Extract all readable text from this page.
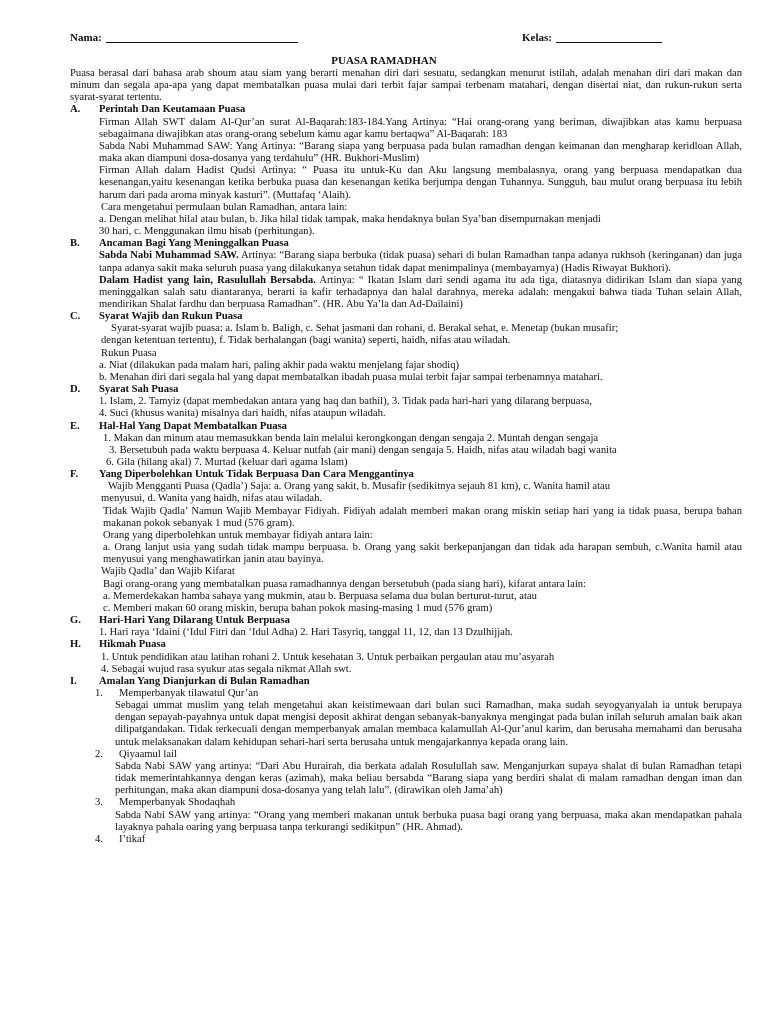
Nama:	Kelas:
PUASA RAMADHAN

Puasa berasal dari bahasa arab shoum atau siam yang berarti menahan diri dari sesuatu, sedangkan menurut istilah, adalah menahan diri dari makan dan minum dan segala apa-apa yang dapat membatalkan puasa mulai dari terbit fajar sampai terbenam matahari, dengan disertai niat, dan rukun-rukun serta syarat-syarat tertentu.

A. Perintah Dan Keutamaan Puasa

Firman Allah SWT dalam Al-Qur’an surat Al-Baqarah:183-184.Yang Artinya: “Hai orang-orang yang beriman, diwajibkan atas kamu berpuasa sebagaimana diwajibkan atas orang-orang sebelum kamu agar kamu bertaqwa” Al-Baqarah: 183

Sabda Nabi Muhammad SAW: Yang Artinya: “Barang siapa yang berpuasa pada bulan ramadhan dengan keimanan dan mengharap keridloan Allah, maka akan diampuni dosa-dosanya yang terdahulu” (HR. Bukhori-Muslim)

Firman Allah dalam Hadist Qudsi Artinya: “ Puasa itu untuk-Ku dan Aku langsung membalasnya, orang yang berpuasa mendapatkan dua kesenangan,yaitu kesenangan ketika berbuka puasa dan kesenangan ketika berjumpa dengan Tuhannya. Sungguh, bau mulut orang berpuasa itu lebih harum dari pada aroma minyak kasturi”. (Muttafaq ‘Alaih).

Cara mengetahui permulaan bulan Ramadhan, antara lain:

a. Dengan melihat hilal atau bulan, b. Jika hilal tidak tampak, maka hendaknya bulan Sya’ban disempurnakan menjadi

30 hari, c. Menggunakan ilmu hisab (perhitungan).

B. Ancaman Bagi Yang Meninggalkan Puasa

Sabda Nabi Muhammad SAW. Artinya: “Barang siapa berbuka (tidak puasa) sehari di bulan Ramadhan tanpa adanya rukhsoh (keringanan) dan juga tanpa adanya sakit maka seluruh puasa yang dilakukanya setahun tidak dapat menimpalinya (membayarnya) (Hadis Riwayat Bukhori).

Dalam Hadist yang lain, Rasulullah Bersabda. Artinya: “ Ikatan Islam dari sendi agama itu ada tiga, diatasnya didirikan Islam dan siapa yang meninggalkan salah satu diantaranya, berarti ia kafir terhadapnya dan halal darahnya, mereka adalah: mengakui bahwa tiada Tuhan selain Allah, mendirikan Shalat fardhu dan berpuasa Ramadhan”. (HR. Abu Ya’la dan Ad-Dailaini)

C. Syarat Wajib dan Rukun Puasa

Syarat-syarat wajib puasa: a. Islam b. Baligh, c. Sehat jasmani dan rohani, d. Berakal sehat, e. Menetap (bukan musafir;

dengan ketentuan tertentu), f. Tidak berhalangan (bagi wanita) seperti, haidh, nifas atau wiladah.

Rukun Puasa

a. Niat (dilakukan pada malam hari, paling akhir pada waktu menjelang fajar shodiq)

b. Menahan diri dari segala hal yang dapat membatalkan ibadah puasa mulai terbit fajar sampai terbenamnya matahari.

D. Syarat Sah Puasa

1. Islam, 2. Tamyiz (dapat membedakan antara yang haq dan bathil), 3. Tidak pada hari-hari yang dilarang berpuasa,

4. Suci (khusus wanita) misalnya dari haidh, nifas ataupun wiladah.

E. Hal-Hal Yang Dapat Membatalkan Puasa

1. Makan dan minum atau memasukkan benda lain melalui kerongkongan dengan sengaja 2. Muntah dengan sengaja

3. Bersetubuh pada waktu berpuasa 4. Keluar nutfah (air mani) dengan sengaja 5. Haidh, nifas atau wiladah bagi wanita

6. Gila (hilang akal) 7. Murtad (keluar dari agama Islam)

F. Yang Diperbolehkan Untuk Tidak Berpuasa Dan Cara Menggantinya

Wajib Mengganti Puasa (Qadla’) Saja: a. Orang yang sakit, b. Musafir (sedikitnya sejauh 81 km), c. Wanita hamil atau

menyusui, d. Wanita yang haidh, nifas atau wiladah.

Tidak Wajib Qadla’ Namun Wajib Membayar Fidiyah. Fidiyah adalah memberi makan orang miskin setiap hari yang ia tidak puasa, berupa bahan makanan pokok sebanyak 1 mud (576 gram).

Orang yang diperbolehkan untuk membayar fidiyah antara lain:

a. Orang lanjut usia yang sudah tidak mampu berpuasa. b. Orang yang sakit berkepanjangan dan tidak ada harapan sembuh, c.Wanita hamil atau menyusui yang menghawatirkan janin atau bayinya.

Wajib Qadla’ dan Wajib Kifarat

Bagi orang-orang yang membatalkan puasa ramadhannya dengan bersetubuh (pada siang hari), kifarat antara lain:

a. Memerdekakan hamba sahaya yang mukmin, atau b. Berpuasa selama dua bulan berturut-turut, atau

c. Memberi makan 60 orang miskin, berupa bahan pokok masing-masing 1 mud (576 gram)

G. Hari-Hari Yang Dilarang Untuk Berpuasa

1. Hari raya ‘Idaini (‘Idul Fitri dan ‘Idul Adha) 2. Hari Tasyriq, tanggal 11, 12, dan 13 Dzulhijjah.

H. Hikmah Puasa

1. Untuk pendidikan atau latihan rohani 2. Untuk kesehatan 3. Untuk perbaikan pergaulan atau mu’asyarah

4. Sebagai wujud rasa syukur atas segala nikmat Allah swt.

I. Amalan Yang Dianjurkan di Bulan Ramadhan
1. Memperbanyak tilawatul Qur’an

Sebagai ummat muslim yang telah mengetahui akan keistimewaan dari bulan suci Ramadhan, maka sudah seyogyanyalah ia untuk berupaya dengan sepayah-payahnya untuk dapat mengisi deposit akhirat dengan sebanyak-banyaknya mengingat pada bulan inilah seluruh amalan baik akan dilipatgandakan. Tidak terkecuali dengan memperbanyak amalan membaca kalamullah Al-Qur’anul karim, dan berusaha memahami dan berusaha untuk melaksanakan dalam kehidupan sehari-hari serta berusaha untuk mengajarkannya kepada orang lain.

2. Qiyaamul lail

Sabda Nabi SAW yang artinya: “Dari Abu Hurairah, dia berkata adalah Rosulullah saw. Menganjurkan supaya shalat di bulan Ramadhan tetapi tidak memerintahkannya dengan keras (azimah), maka beliau bersabda “Barang siapa yang berdiri shalat di malam ramadhan dengan iman dan perhitungan, maka akan diampuni dosa-dosanya yang telah lalu”. (dirawikan oleh Jama’ah)

3. Memperbanyak Shodaqhah

Sabda Nabi SAW yang artinya: “Orang yang memberi makanan untuk berbuka puasa bagi orang yang berpuasa, maka akan mendapatkan pahala layaknya pahala oaring yang berpuasa tanpa terkurangi sedikitpun” (HR. Ahmad).

4. I’tikaf
